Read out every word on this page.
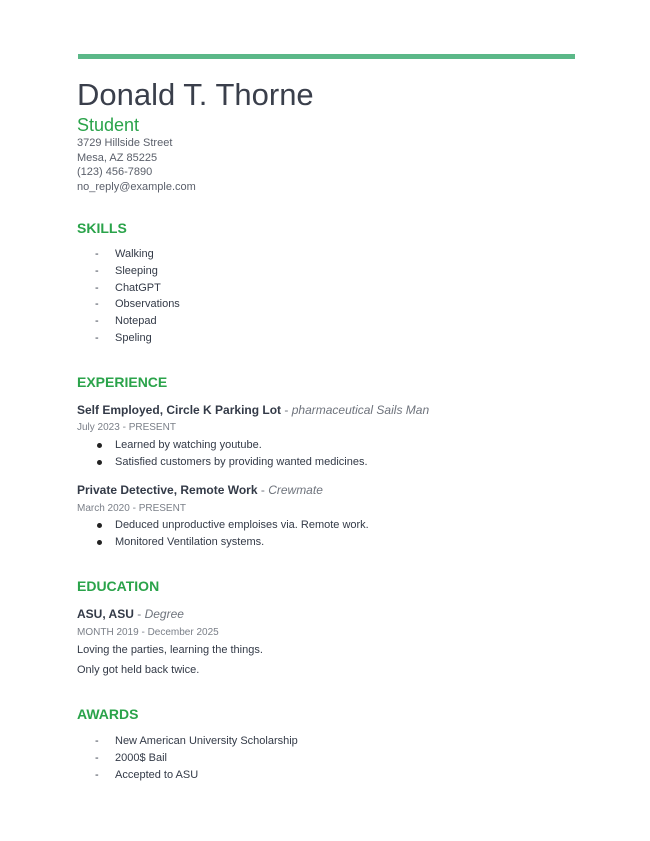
Donald T. Thorne
Student
3729 Hillside Street
Mesa, AZ 85225
(123) 456-7890
no_reply@example.com
SKILLS
- Walking
- Sleeping
- ChatGPT
- Observations
- Notepad
- Speling
EXPERIENCE
Self Employed, Circle K Parking Lot - pharmaceutical Sails Man
July 2023 - PRESENT
Learned by watching youtube.
Satisfied customers by providing wanted medicines.
Private Detective, Remote Work - Crewmate
March 2020 - PRESENT
Deduced unproductive emploises via. Remote work.
Monitored Ventilation systems.
EDUCATION
ASU, ASU - Degree
MONTH 2019 - December 2025
Loving the parties, learning the things.
Only got held back twice.
AWARDS
- New American University Scholarship
- 2000$ Bail
- Accepted to ASU
